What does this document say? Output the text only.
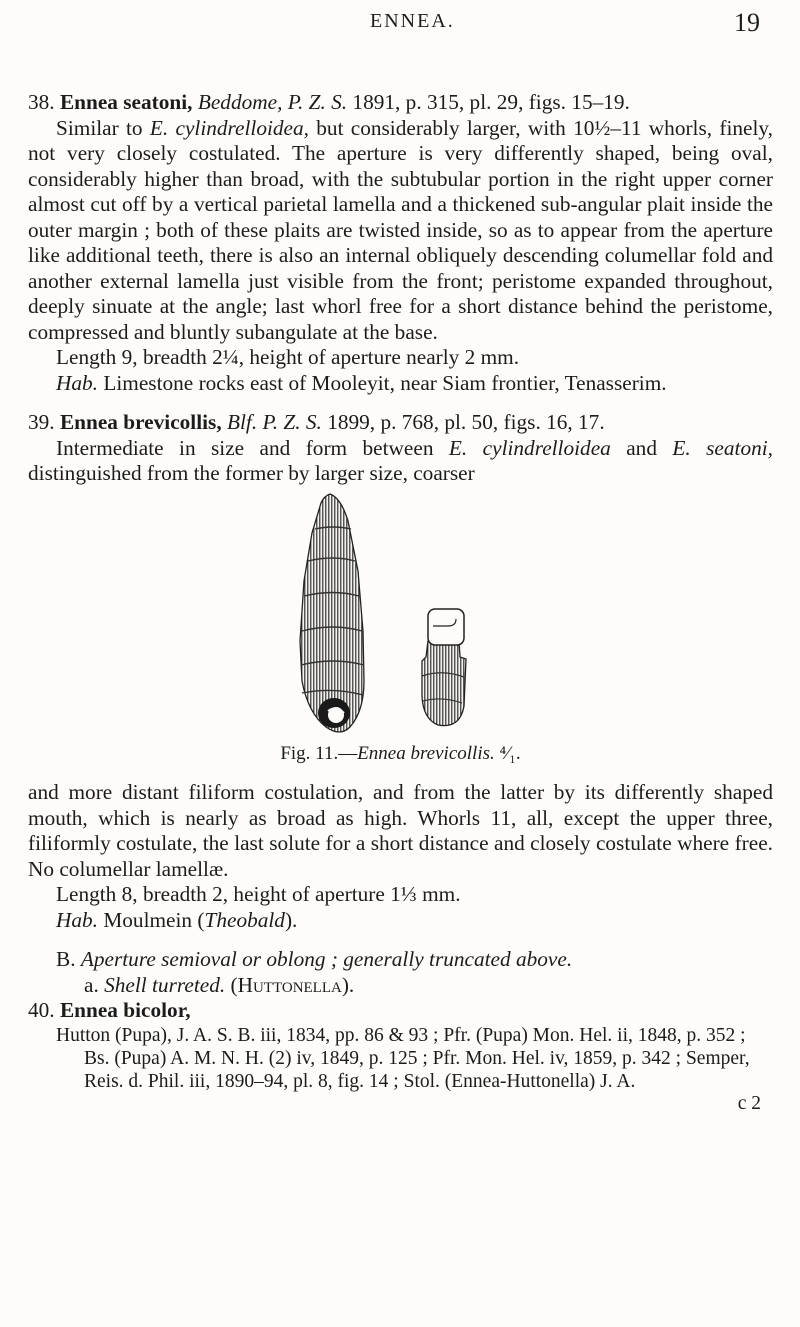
ENNEA.	19

38. Ennea seatoni, Beddome, P. Z. S. 1891, p. 315, pl. 29, figs. 15–19.

Similar to E. cylindrelloidea, but considerably larger, with 10½–11 whorls, finely, not very closely costulated. The aperture is very differently shaped, being oval, considerably higher than broad, with the subtubular portion in the right upper corner almost cut off by a vertical parietal lamella and a thickened sub-angular plait inside the outer margin ; both of these plaits are twisted inside, so as to appear from the aperture like additional teeth, there is also an internal obliquely descending columellar fold and another external lamella just visible from the front; peristome expanded throughout, deeply sinuate at the angle; last whorl free for a short distance behind the peristome, compressed and bluntly subangulate at the base.

Length 9, breadth 2¼, height of aperture nearly 2 mm.

Hab. Limestone rocks east of Mooleyit, near Siam frontier, Tenasserim.

39. Ennea brevicollis, Blf. P. Z. S. 1899, p. 768, pl. 50, figs. 16, 17.

Intermediate in size and form between E. cylindrelloidea and E. seatoni, distinguished from the former by larger size, coarser

Fig. 11.—Ennea brevicollis. ⁴⁄₁.

and more distant filiform costulation, and from the latter by its differently shaped mouth, which is nearly as broad as high. Whorls 11, all, except the upper three, filiformly costulate, the last solute for a short distance and closely costulate where free. No columellar lamellæ.

Length 8, breadth 2, height of aperture 1⅓ mm.

Hab. Moulmein (Theobald).

B. Aperture semioval or oblong ; generally truncated above.

a. Shell turreted. (Huttonella).

40. Ennea bicolor,

Hutton (Pupa), J. A. S. B. iii, 1834, pp. 86 & 93 ; Pfr. (Pupa) Mon. Hel. ii, 1848, p. 352 ; Bs. (Pupa) A. M. N. H. (2) iv, 1849, p. 125 ; Pfr. Mon. Hel. iv, 1859, p. 342 ; Semper, Reis. d. Phil. iii, 1890–94, pl. 8, fig. 14 ; Stol. (Ennea-Huttonella) J. A.

c 2
